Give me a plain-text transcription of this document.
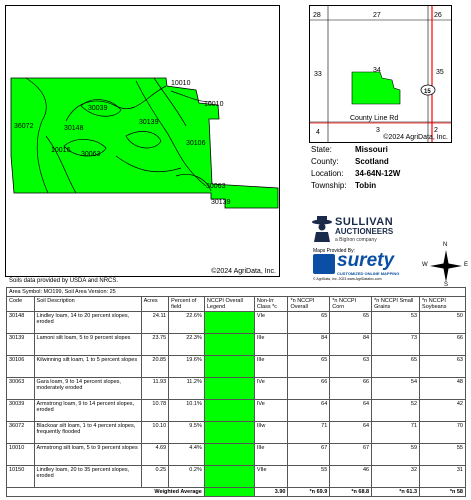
10010
10010
30039
36072	30148
30139
10016
30063
30106
30063
30139
©2024 AgriData, Inc.
28	27	26
33
34	35
4	3	2
County Line Rd
15
©2024 AgriData, Inc.
State:	Missouri
County: Scotland
Location: 34-64N-12W
Township: Tobin
SULLIVAN
AUCTIONEERS
a BigIron company
Maps Provided By:
surety
CUSTOMIZED ONLINE MAPPING
© AgriData, Inc. 2023 www.AgriDataInc.com
N
S
W	E
Soils data provided by USDA and NRCS.
Area Symbol: MO199, Soil Area Version: 25									
Code	Soil Description	Acres	Percent of field	NCCPI Overall Legend	Non-Irr Class *c	*n NCCPI Overall	*n NCCPI Corn	*n NCCPI Small Grains	*n NCCPI Soybeans
30148	Lindley loam, 14 to 20 percent slopes, eroded	24.11	22.6%		VIe	65	65	53	50
30139	Lamoni silt loam, 5 to 9 percent slopes	23.75	22.3%		IIIe	84	84	73	66
30106	Kilwinning silt loam, 1 to 5 percent slopes	20.85	19.6%		IIIe	65	63	65	63
30063	Gara loam, 9 to 14 percent slopes, moderately eroded	11.93	11.2%		IVe	66	66	54	48
30039	Armstrong loam, 9 to 14 percent slopes, eroded	10.78	10.1%		IVe	64	64	52	42
36072	Blackoar silt loam, 1 to 4 percent slopes, frequently flooded	10.10	9.5%		IIIw	71	64	71	70
10010	Armstrong silt loam, 5 to 9 percent slopes	4.69	4.4%		IIIe	67	67	59	55
10150	Lindley loam, 20 to 35 percent slopes, eroded	0.25	0.2%		VIIe	55	46	32	31
Weighted Average					3.90	*n 69.9	*n 68.8	*n 61.3	*n 58
